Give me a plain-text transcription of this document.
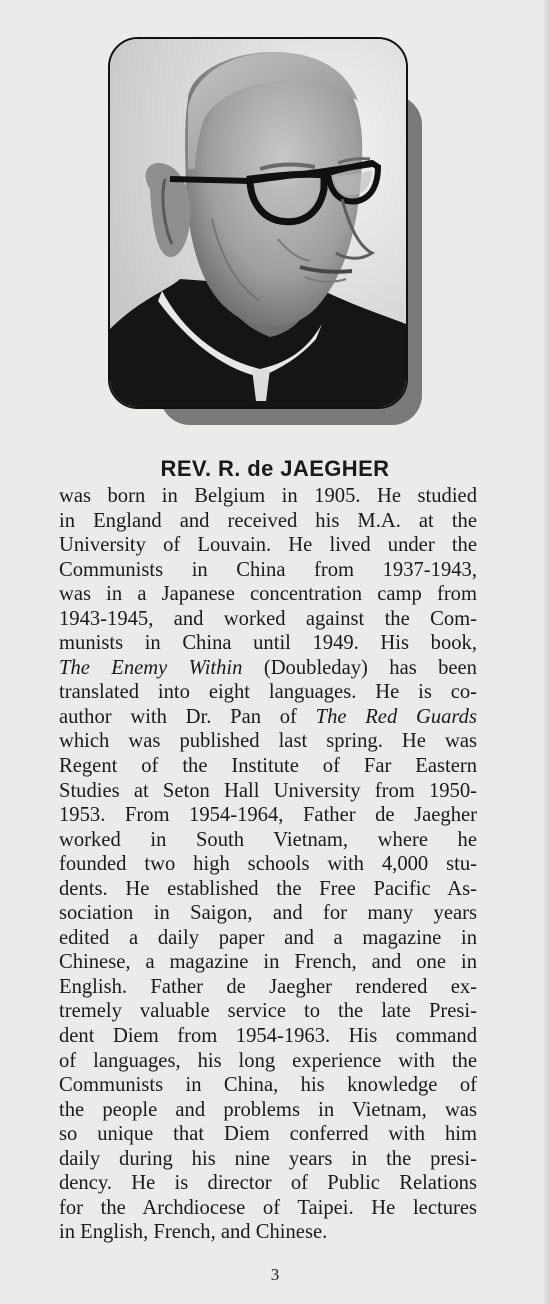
REV. R. de JAEGHER
was born in Belgium in 1905. He studied
in England and received his M.A. at the
University of Louvain. He lived under the
Communists in China from 1937-1943,
was in a Japanese concentration camp from
1943-1945, and worked against the Com-
munists in China until 1949. His book,
The Enemy Within (Doubleday) has been
translated into eight languages. He is co-
author with Dr. Pan of The Red Guards
which was published last spring. He was
Regent of the Institute of Far Eastern
Studies at Seton Hall University from 1950-
1953. From 1954-1964, Father de Jaegher
worked in South Vietnam, where he
founded two high schools with 4,000 stu-
dents. He established the Free Pacific As-
sociation in Saigon, and for many years
edited a daily paper and a magazine in
Chinese, a magazine in French, and one in
English. Father de Jaegher rendered ex-
tremely valuable service to the late Presi-
dent Diem from 1954-1963. His command
of languages, his long experience with the
Communists in China, his knowledge of
the people and problems in Vietnam, was
so unique that Diem conferred with him
daily during his nine years in the presi-
dency. He is director of Public Relations
for the Archdiocese of Taipei. He lectures
in English, French, and Chinese.
3
